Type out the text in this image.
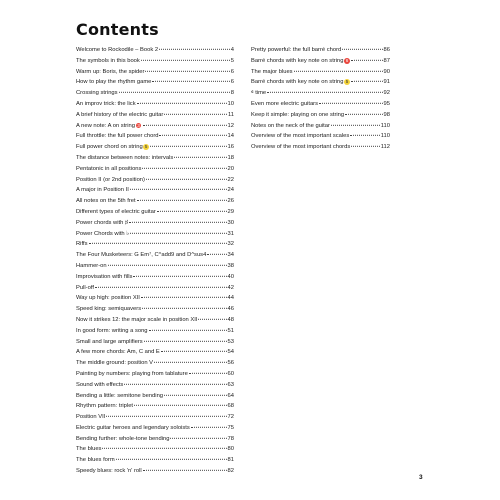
Contents
Welcome to Rockodile – Book 2	4
The symbols in this book	5
Warm up: Boris, the spider	6
How to play the rhythm game	6
Crossing strings	8
An improv trick: the lick	10
A brief history of the electric guitar	11
A new note: A on string 3	12
Full throttle: the full power chord	14
Full power chord on string 5	16
The distance between notes: intervals	18
Pentatonic in all positions	20
Position II (or 2nd position)	22
A major in Position II	24
All notes on the 5th fret	26
Different types of electric guitar	29
Power chords with ♯	30
Power Chords with ♭	31
Riffs	32
The Four Musketeers: G Em⁷, C^add9 and D^sus4	34
Hammer-on	38
Improvisation with fills	40
Pull-off	42
Way up high: position XII	44
Speed king: semiquavers	46
Now it strikes 12: the major scale in position XII	48
In good form: writing a song	51
Small and large amplifiers	53
A few more chords: Am, C and E	54
The middle ground: position V	56
Painting by numbers: playing from tablature	60
Sound with effects	63
Bending a little: semitone bending	64
Rhythm pattern: triplet	68
Position VII	72
Electric guitar heroes and legendary soloists	75
Bending further: whole-tone bending	78
The blues	80
The blues form	81
Speedy blues: rock 'n' roll	82
Pretty powerful: the full barré chord	86
Barré chords with key note on string 6	87
The major blues	90
Barré chords with key note on string 5	91
𝄴 time	92
Even more electric guitars	95
Keep it simple: playing on one string	98
Notes on the neck of the guitar	110
Overview of the most important scales	110
Overview of the most important chords	112
3
